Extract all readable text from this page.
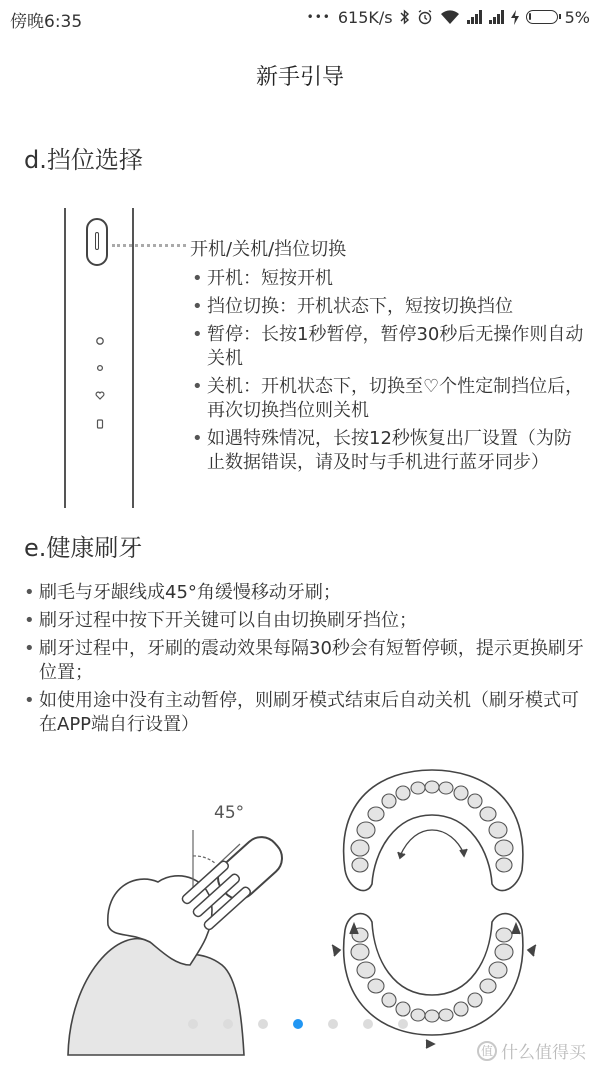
傍晚6:35	••• 615K/s	5%
新手引导
d.挡位选择
开机/关机/挡位切换
• 开机：短按开机
• 挡位切换：开机状态下，短按切换挡位
• 暂停：长按1秒暂停，暂停30秒后无操作则自动关机
• 关机：开机状态下，切换至♡个性定制挡位后，再次切换挡位则关机
• 如遇特殊情况，长按12秒恢复出厂设置（为防止数据错误，请及时与手机进行蓝牙同步）
e.健康刷牙
• 刷毛与牙龈线成45°角缓慢移动牙刷；
• 刷牙过程中按下开关键可以自由切换刷牙挡位；
• 刷牙过程中，牙刷的震动效果每隔30秒会有短暂停顿，提示更换刷牙位置；
• 如使用途中没有主动暂停，则刷牙模式结束后自动关机（刷牙模式可在APP端自行设置）
45°
值 什么值得买
